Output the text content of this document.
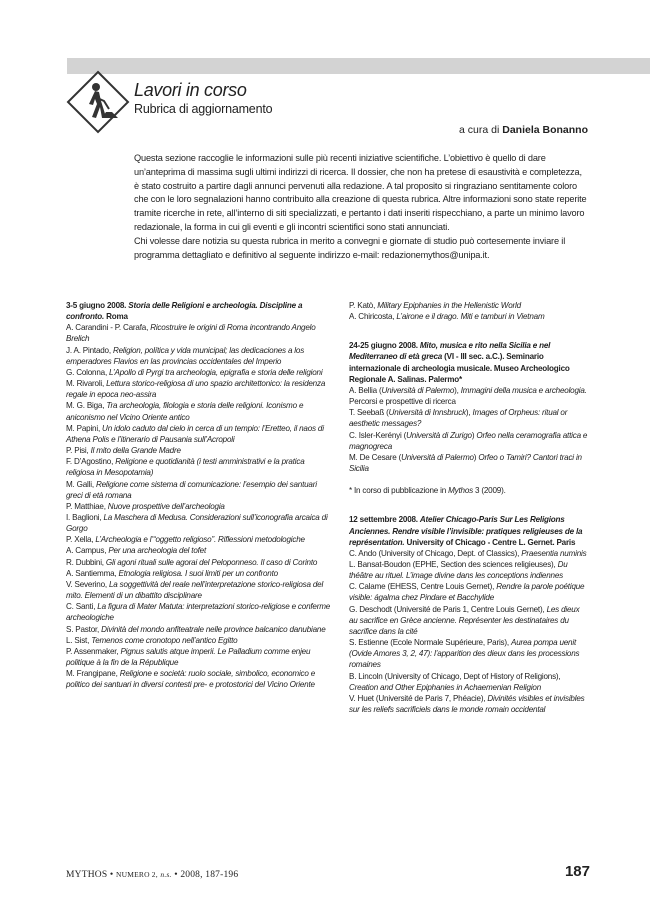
Lavori in corso
Rubrica di aggiornamento
a cura di Daniela Bonanno

Questa sezione raccoglie le informazioni sulle più recenti iniziative scientifiche. L’obiettivo è quello di dare un’anteprima di massima sugli ultimi indirizzi di ricerca. Il dossier, che non ha pretese di esaustività e completezza, è stato costruito a partire dagli annunci pervenuti alla redazione. A tal proposito si ringraziano sentitamente coloro che con le loro segnalazioni hanno contribuito alla creazione di questa rubrica. Altre informazioni sono state reperite tramite ricerche in rete, all’interno di siti specializzati, e pertanto i dati inseriti rispecchiano, a parte un minimo lavoro redazionale, la forma in cui gli eventi e gli incontri scientifici sono stati annunciati.

Chi volesse dare notizia su questa rubrica in merito a convegni e giornate di studio può cortesemente inviare il programma dettagliato e definitivo al seguente indirizzo e-mail: redazionemythos@unipa.it.

3-5 giugno 2008. Storia delle Religioni e archeologia. Discipline a confronto. Roma

A. Carandini - P. Carafa, Ricostruire le origini di Roma incontrando Angelo Brelich

J. A. Pintado, Religion, política y vida municipal; las dedicaciones a los emperadores Flavios en las provincias occidentales del Imperio

G. Colonna, L’Apollo di Pyrgi tra archeologia, epigrafia e storia delle religioni

M. Rivaroli, Lettura storico-religiosa di uno spazio architettonico: la residenza regale in epoca neo-assira

M. G. Biga, Tra archeologia, filologia e storia delle religioni. Iconismo e aniconismo nel Vicino Oriente antico

M. Papini, Un idolo caduto dal cielo in cerca di un tempio: l’Eretteo, il naos di Athena Polis e l’itinerario di Pausania sull’Acropoli

P. Pisi, Il mito della Grande Madre

F. D’Agostino, Religione e quotidianità (i testi amministrativi e la pratica religiosa in Mesopotamia)

M. Galli, Religione come sistema di comunicazione: l’esempio dei santuari greci di età romana

P. Matthiae, Nuove prospettive dell’archeologia

I. Baglioni, La Maschera di Medusa. Considerazioni sull’iconografia arcaica di Gorgo

P. Xella, L’Archeologia e l’“oggetto religioso”. Riflessioni metodologiche

A. Campus, Per una archeologia del tofet

R. Dubbini, Gli agoni rituali sulle agorai del Peloponneso. Il caso di Corinto

A. Santiemma, Etnologia religiosa. I suoi limiti per un confronto

V. Severino, La soggettività del reale nell’interpretazione storico-religiosa del mito. Elementi di un dibattito disciplinare

C. Santi, La figura di Mater Matuta: interpretazioni storico-religiose e conferme archeologiche

S. Pastor, Divinità del mondo anfiteatrale nelle province balcanico danubiane

L. Sist, Temenos come cronotopo nell’antico Egitto

P. Assenmaker, Pignus salutis atque imperii. Le Palladium comme enjeu politique à la fin de la République

M. Frangipane, Religione e società: ruolo sociale, simbolico, economico e politico dei santuari in diversi contesti pre- e protostorici del Vicino Oriente

P. Katò, Military Epiphanies in the Hellenistic World

A. Chiricosta, L’airone e il drago. Miti e tamburi in Vietnam

24-25 giugno 2008. Mito, musica e rito nella Sicilia e nel Mediterraneo di età greca (VI - III sec. a.C.). Seminario internazionale di archeologia musicale. Museo Archeologico Regionale A. Salinas. Palermo*

A. Bellia (Università di Palermo), Immagini della musica e archeologia.

Percorsi e prospettive di ricerca

T. Seebaß (Università di Innsbruck), Images of Orpheus: ritual or aesthetic messages?

C. Isler-Kerényi (Università di Zurigo) Orfeo nella ceramografia attica e magnogreca

M. De Cesare (Università di Palermo) Orfeo o Tamiri? Cantori traci in Sicilia

* In corso di pubblicazione in Mythos 3 (2009).

12 settembre 2008. Atelier Chicago-Paris Sur Les Religions Anciennes. Rendre visible l’invisible: pratiques religieuses de la représentation. University of Chicago - Centre L. Gernet. Paris

C. Ando (University of Chicago, Dept. of Classics), Praesentia numinis

L. Bansat-Boudon (EPHE, Section des sciences religieuses), Du théâtre au rituel. L’image divine dans les conceptions indiennes

C. Calame (EHESS, Centre Louis Gernet), Rendre la parole poétique visible: ágalma chez Pindare et Bacchylide

G. Deschodt (Université de Paris 1, Centre Louis Gernet), Les dieux au sacrifice en Grèce ancienne. Représenter les destinataires du sacrifice dans la cité

S. Estienne (Ecole Normale Supérieure, Paris), Aurea pompa uenit (Ovide Amores 3, 2, 47): l’apparition des dieux dans les processions romaines

B. Lincoln (University of Chicago, Dept of History of Religions), Creation and Other Epiphanies in Achaemenian Religion

V. Huet (Université de Paris 7, Phéacie), Divinités visibles et invisibles sur les reliefs sacrificiels dans le monde romain occidental

MYTHOS • NUMERO 2, n.s. • 2008, 187-196	187
